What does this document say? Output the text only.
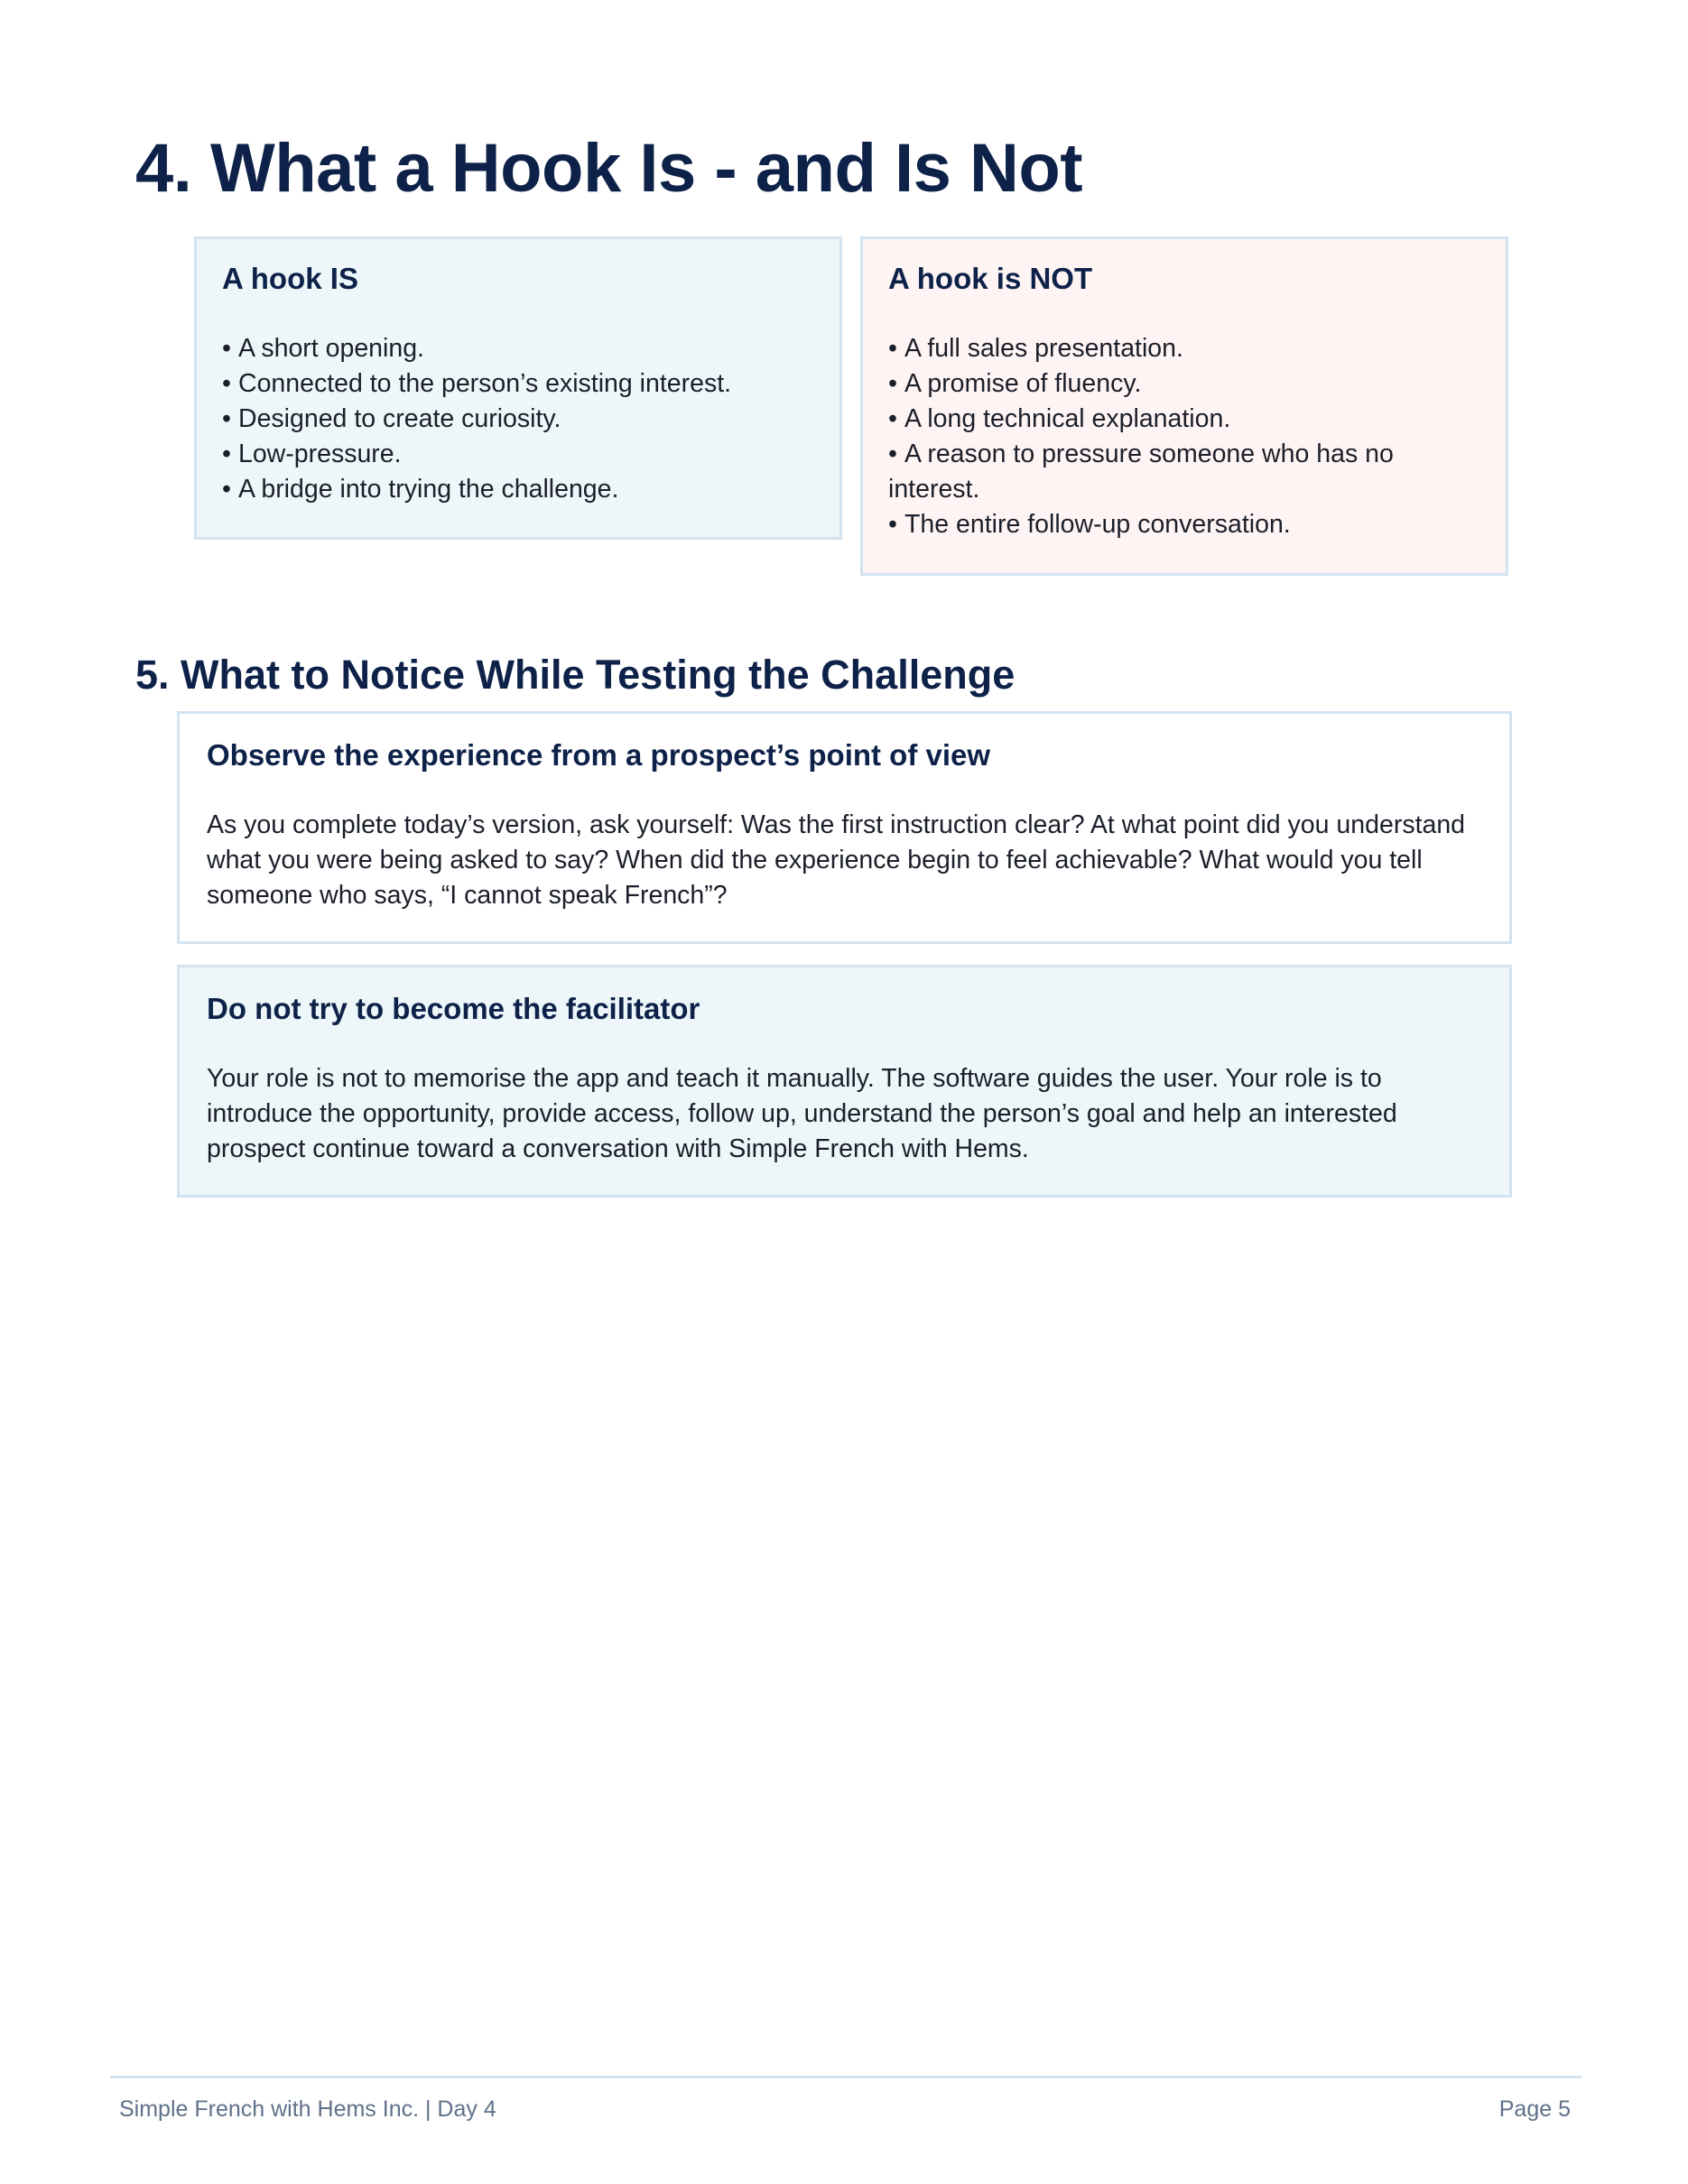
4. What a Hook Is - and Is Not
A hook IS
• A short opening.
• Connected to the person’s existing interest.
• Designed to create curiosity.
• Low-pressure.
• A bridge into trying the challenge.
A hook is NOT
• A full sales presentation.
• A promise of fluency.
• A long technical explanation.
• A reason to pressure someone who has no interest.
• The entire follow-up conversation.
5. What to Notice While Testing the Challenge
Observe the experience from a prospect’s point of view

As you complete today’s version, ask yourself: Was the first instruction clear? At what point did you understand what you were being asked to say? When did the experience begin to feel achievable? What would you tell someone who says, “I cannot speak French”?

Do not try to become the facilitator

Your role is not to memorise the app and teach it manually. The software guides the user. Your role is to introduce the opportunity, provide access, follow up, understand the person’s goal and help an interested prospect continue toward a conversation with Simple French with Hems.

Simple French with Hems Inc. | Day 4	Page 5
